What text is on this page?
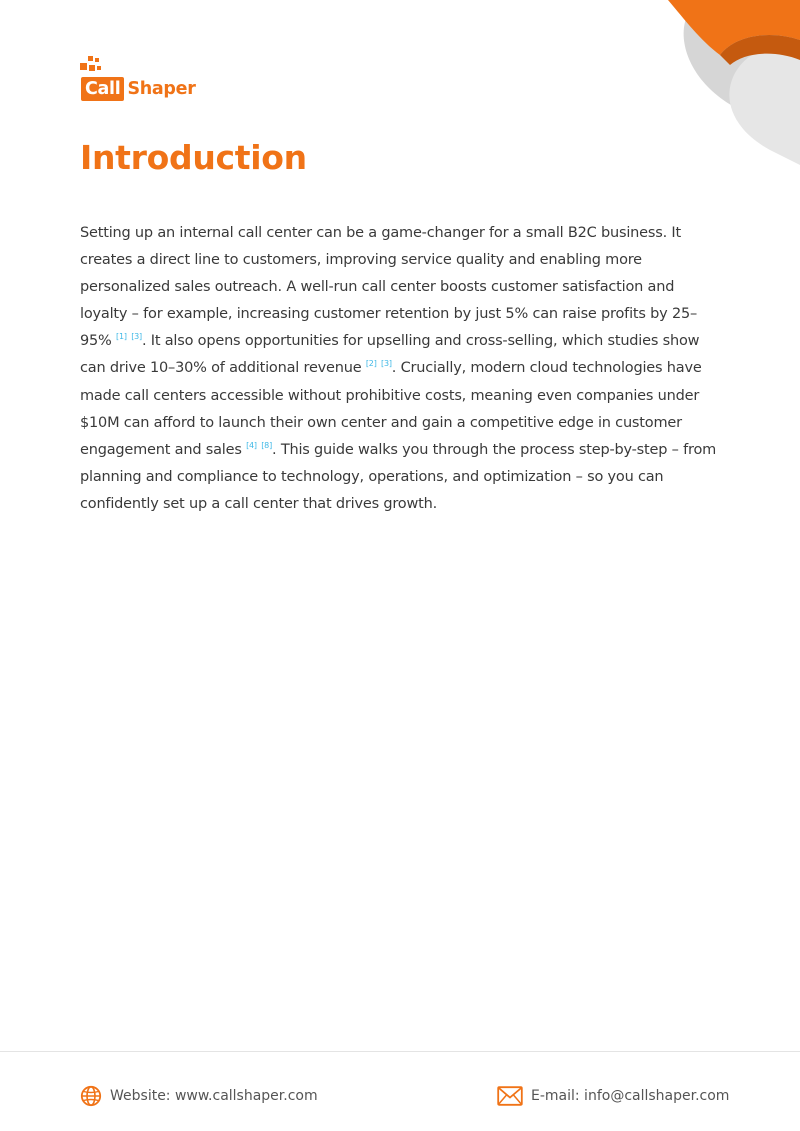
Call Shaper
Introduction

Setting up an internal call center can be a game-changer for a small B2C business. It creates a direct line to customers, improving service quality and enabling more personalized sales outreach. A well-run call center boosts customer satisfaction and loyalty – for example, increasing customer retention by just 5% can raise profits by 25–95% [1] [3]. It also opens opportunities for upselling and cross-selling, which studies show can drive 10–30% of additional revenue [2] [3]. Crucially, modern cloud technologies have made call centers accessible without prohibitive costs, meaning even companies under $10M can afford to launch their own center and gain a competitive edge in customer engagement and sales [4] [8]. This guide walks you through the process step-by-step – from planning and compliance to technology, operations, and optimization – so you can confidently set up a call center that drives growth.

Website: www.callshaper.com	E-mail: info@callshaper.com
